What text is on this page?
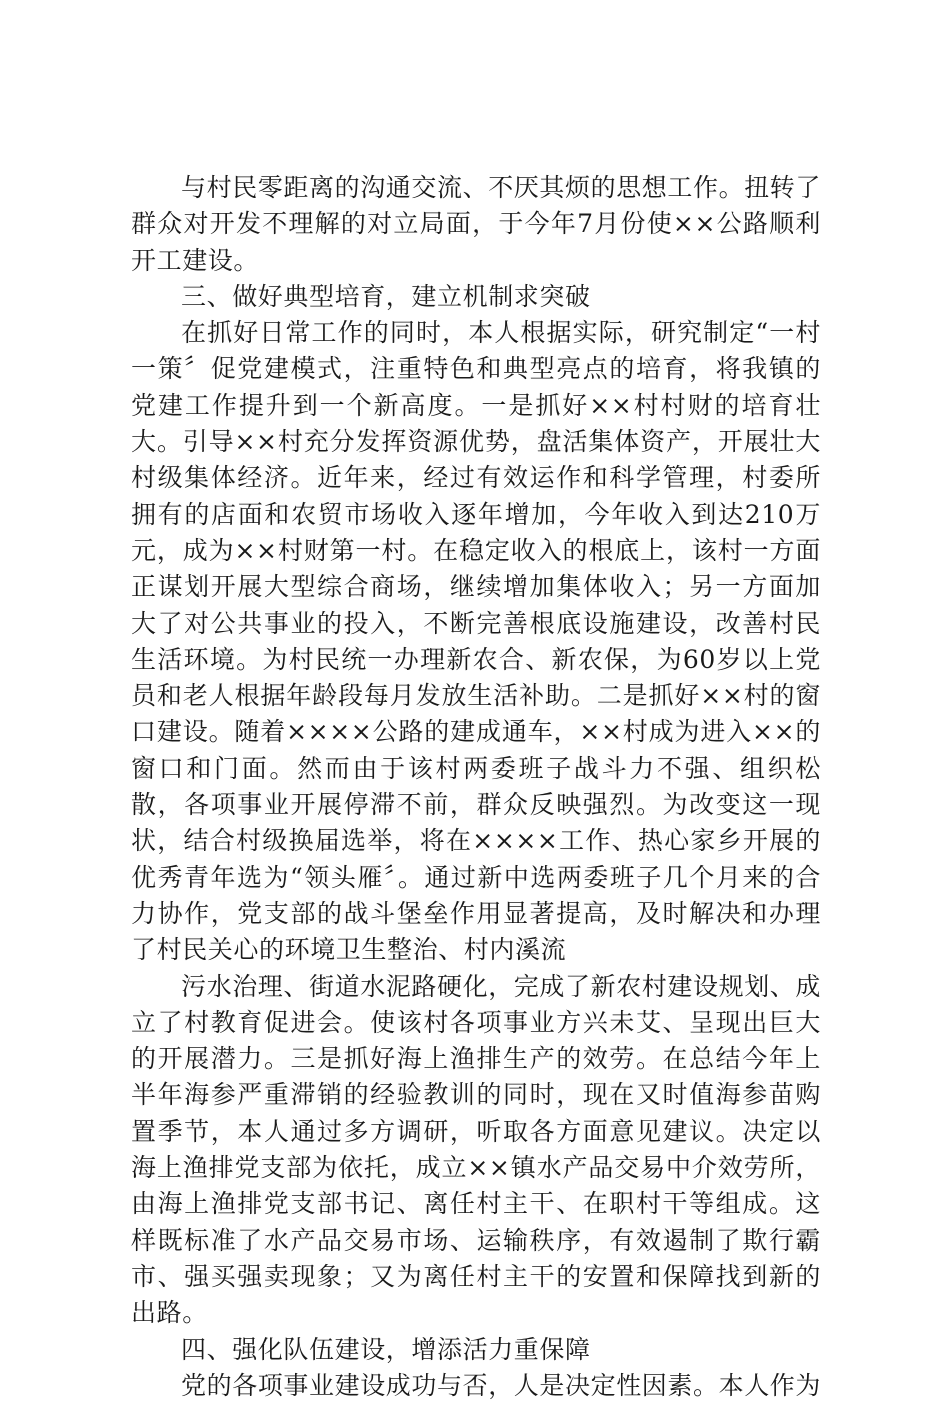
与村民零距离的沟通交流、不厌其烦的思想工作。扭转了群众对开发不理解的对立局面，于今年7月份使××公路顺利开工建设。

三、做好典型培育，建立机制求突破

在抓好日常工作的同时，本人根据实际，研究制定“一村一策〞促党建模式，注重特色和典型亮点的培育，将我镇的党建工作提升到一个新高度。一是抓好××村村财的培育壮大。引导××村充分发挥资源优势，盘活集体资产，开展壮大村级集体经济。近年来，经过有效运作和科学管理，村委所拥有的店面和农贸市场收入逐年增加，今年收入到达210万元，成为××村财第一村。在稳定收入的根底上，该村一方面正谋划开展大型综合商场，继续增加集体收入；另一方面加大了对公共事业的投入，不断完善根底设施建设，改善村民生活环境。为村民统一办理新农合、新农保，为60岁以上党员和老人根据年龄段每月发放生活补助。二是抓好××村的窗口建设。随着××××公路的建成通车，××村成为进入××的窗口和门面。然而由于该村两委班子战斗力不强、组织松散，各项事业开展停滞不前，群众反映强烈。为改变这一现状，结合村级换届选举，将在××××工作、热心家乡开展的优秀青年选为“领头雁〞。通过新中选两委班子几个月来的合力协作，党支部的战斗堡垒作用显著提高，及时解决和办理了村民关心的环境卫生整治、村内溪流

污水治理、街道水泥路硬化，完成了新农村建设规划、成立了村教育促进会。使该村各项事业方兴未艾、呈现出巨大的开展潜力。三是抓好海上渔排生产的效劳。在总结今年上半年海参严重滞销的经验教训的同时，现在又时值海参苗购置季节，本人通过多方调研，听取各方面意见建议。决定以海上渔排党支部为依托，成立××镇水产品交易中介效劳所，由海上渔排党支部书记、离任村主干、在职村干等组成。这样既标准了水产品交易市场、运输秩序，有效遏制了欺行霸市、强买强卖现象；又为离任村主干的安置和保障找到新的出路。

四、强化队伍建设，增添活力重保障

党的各项事业建设成功与否，人是决定性因素。本人作为
